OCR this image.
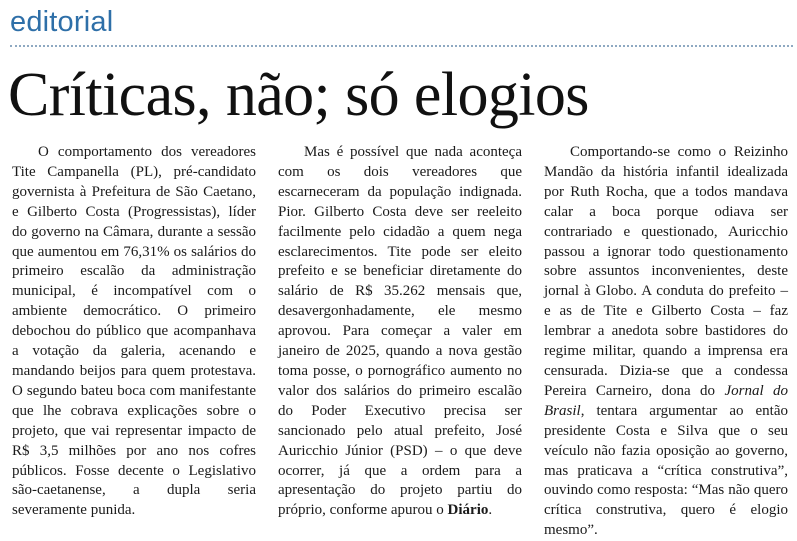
editorial
Críticas, não; só elogios

O comportamento dos vereadores Tite Campanella (PL), pré-candidato governista à Prefeitura de São Caetano, e Gilberto Costa (Progressistas), líder do governo na Câmara, durante a sessão que aumentou em 76,31% os salários do primeiro escalão da administração municipal, é incompatível com o ambiente democrático. O primeiro debochou do público que acompanhava a votação da galeria, acenando e mandando beijos para quem protestava. O segundo bateu boca com manifestante que lhe cobrava explicações sobre o projeto, que vai representar impacto de R$ 3,5 milhões por ano nos cofres públicos. Fosse decente o Legislativo são-caetanense, a dupla seria severamente punida.

Mas é possível que nada aconteça com os dois vereadores que escarneceram da população indignada. Pior. Gilberto Costa deve ser reeleito facilmente pelo cidadão a quem nega esclarecimentos. Tite pode ser eleito prefeito e se beneficiar diretamente do salário de R$ 35.262 mensais que, desavergonhadamente, ele mesmo aprovou. Para começar a valer em janeiro de 2025, quando a nova gestão toma posse, o pornográfico aumento no valor dos salários do primeiro escalão do Poder Executivo precisa ser sancionado pelo atual prefeito, José Auricchio Júnior (PSD) – o que deve ocorrer, já que a ordem para a apresentação do projeto partiu do próprio, conforme apurou o Diário.

Comportando-se como o Reizinho Mandão da história infantil idealizada por Ruth Rocha, que a todos mandava calar a boca porque odiava ser contrariado e questionado, Auricchio passou a ignorar todo questionamento sobre assuntos inconvenientes, deste jornal à Globo. A conduta do prefeito – e as de Tite e Gilberto Costa – faz lembrar a anedota sobre bastidores do regime militar, quando a imprensa era censurada. Dizia-se que a condessa Pereira Carneiro, dona do Jornal do Brasil, tentara argumentar ao então presidente Costa e Silva que o seu veículo não fazia oposição ao governo, mas praticava a “crítica construtiva”, ouvindo como resposta: “Mas não quero crítica construtiva, quero é elogio mesmo”.
